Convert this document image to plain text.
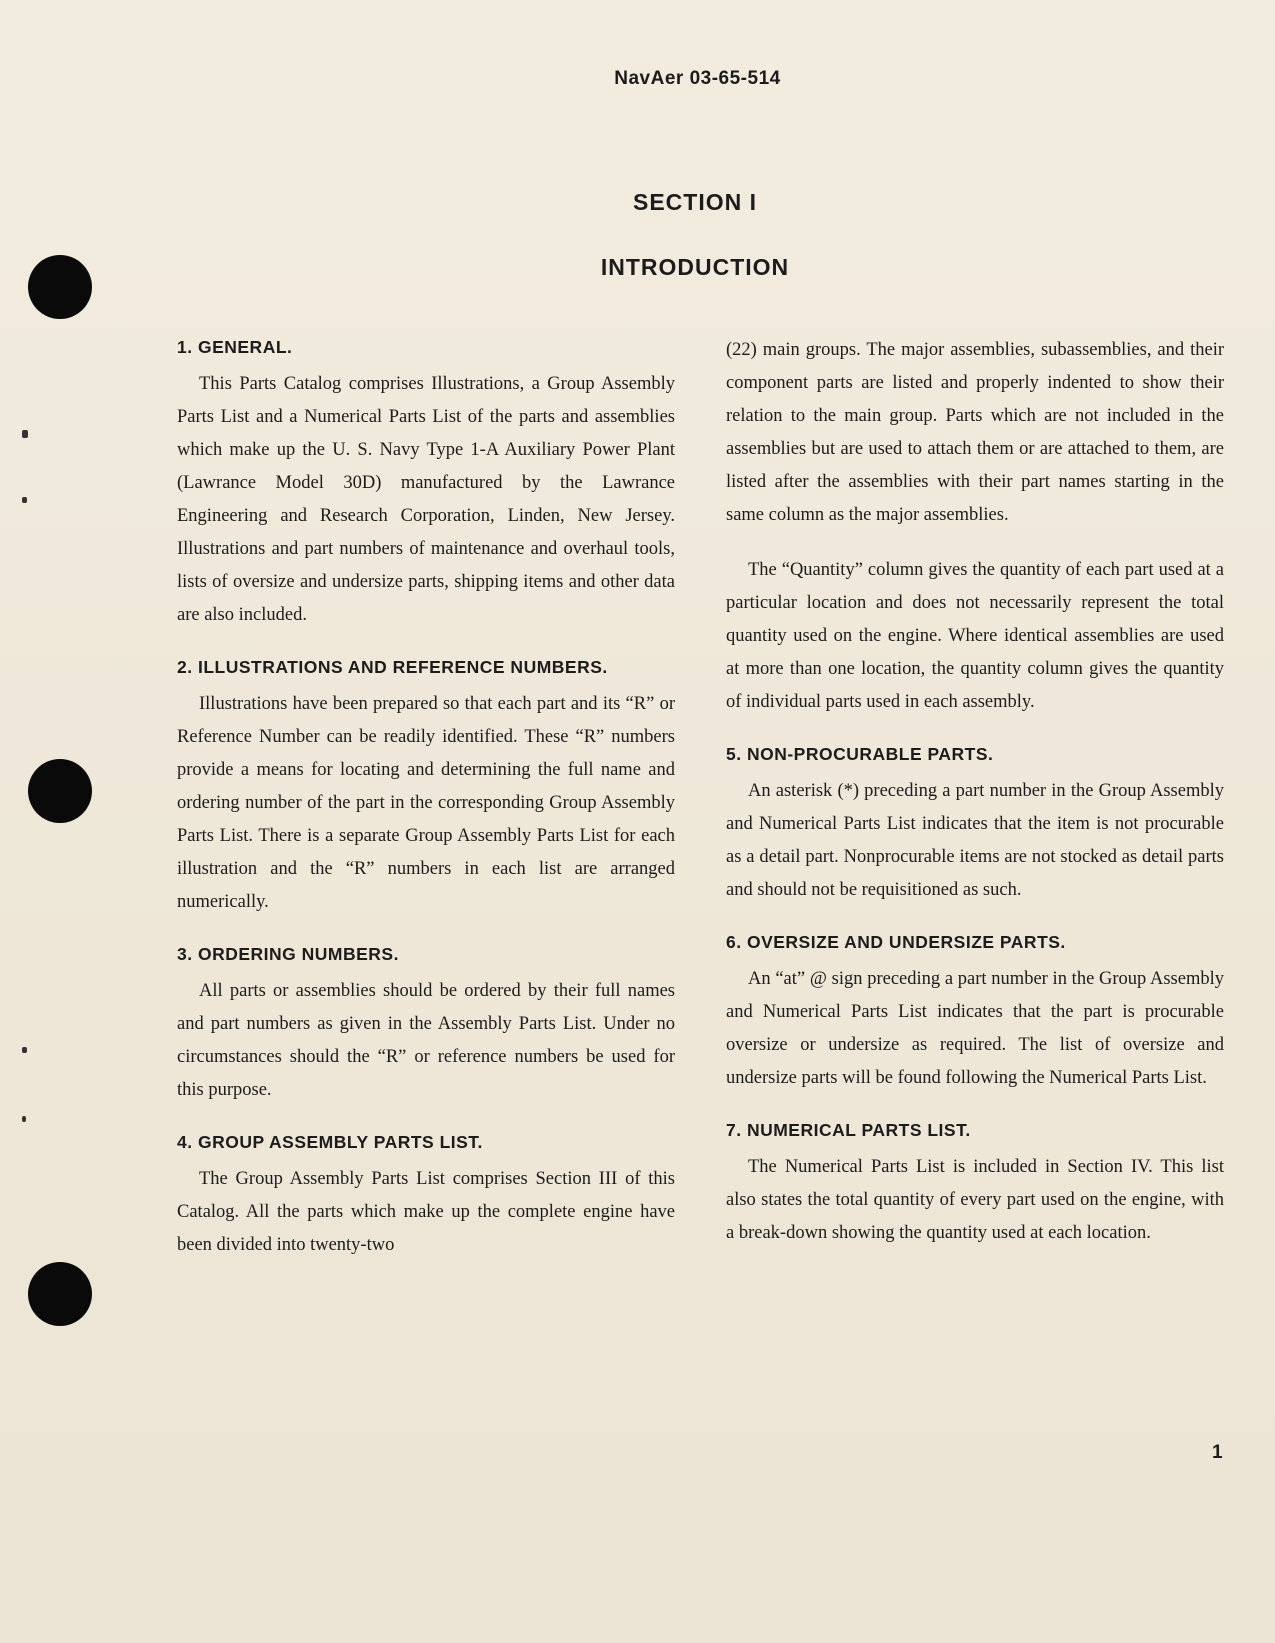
NavAer 03-65-514
SECTION I
INTRODUCTION
1. GENERAL.

This Parts Catalog comprises Illustrations, a Group Assembly Parts List and a Numerical Parts List of the parts and assemblies which make up the U. S. Navy Type 1-A Auxiliary Power Plant (Lawrance Model 30D) manufactured by the Lawrance Engineering and Research Corporation, Linden, New Jersey. Illustrations and part numbers of maintenance and overhaul tools, lists of oversize and undersize parts, shipping items and other data are also included.

2. ILLUSTRATIONS AND REFERENCE NUMBERS.

Illustrations have been prepared so that each part and its “R” or Reference Number can be readily identified. These “R” numbers provide a means for locating and determining the full name and ordering number of the part in the corresponding Group Assembly Parts List. There is a separate Group Assembly Parts List for each illustration and the “R” numbers in each list are arranged numerically.

3. ORDERING NUMBERS.

All parts or assemblies should be ordered by their full names and part numbers as given in the Assembly Parts List. Under no circumstances should the “R” or reference numbers be used for this purpose.

4. GROUP ASSEMBLY PARTS LIST.

The Group Assembly Parts List comprises Section III of this Catalog. All the parts which make up the complete engine have been divided into twenty-two

(22) main groups. The major assemblies, subassemblies, and their component parts are listed and properly indented to show their relation to the main group. Parts which are not included in the assemblies but are used to attach them or are attached to them, are listed after the assemblies with their part names starting in the same column as the major assemblies.

The “Quantity” column gives the quantity of each part used at a particular location and does not necessarily represent the total quantity used on the engine. Where identical assemblies are used at more than one location, the quantity column gives the quantity of individual parts used in each assembly.

5. NON-PROCURABLE PARTS.

An asterisk (*) preceding a part number in the Group Assembly and Numerical Parts List indicates that the item is not procurable as a detail part. Nonprocurable items are not stocked as detail parts and should not be requisitioned as such.

6. OVERSIZE AND UNDERSIZE PARTS.

An “at” @ sign preceding a part number in the Group Assembly and Numerical Parts List indicates that the part is procurable oversize or undersize as required. The list of oversize and undersize parts will be found following the Numerical Parts List.

7. NUMERICAL PARTS LIST.

The Numerical Parts List is included in Section IV. This list also states the total quantity of every part used on the engine, with a break-down showing the quantity used at each location.

1
